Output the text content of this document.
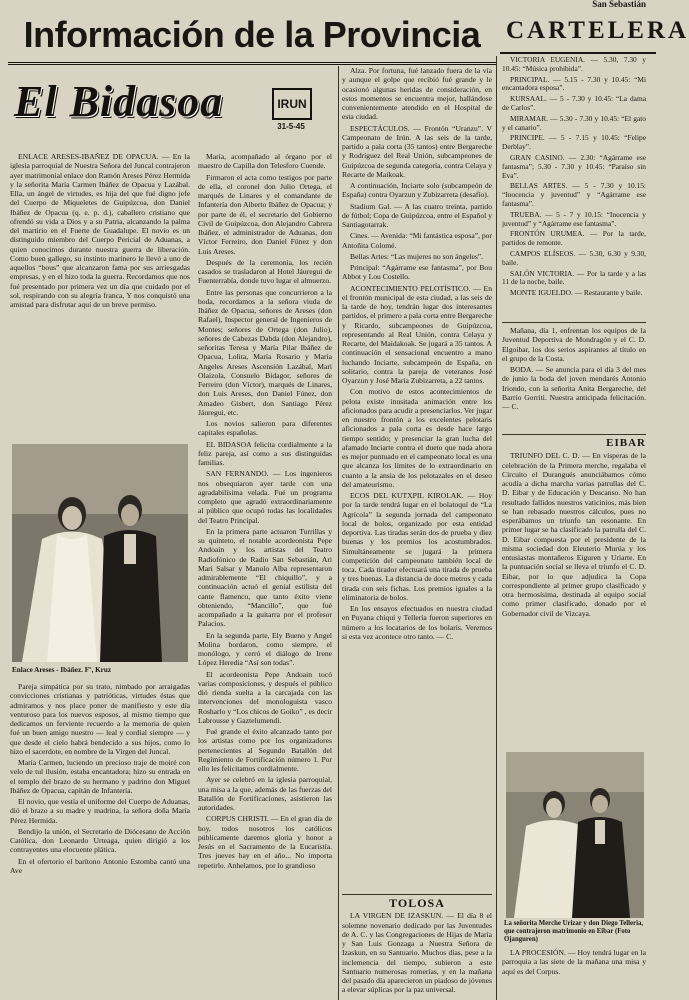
San Sebastián
Información de la Provincia	CARTELERA
El Bidasoa	IRUN
31-5-45

ENLACE ARESES-IBAÑEZ DE OPACUA. — En la iglesia parroquial de Nuestra Señora del Juncal contrajeron ayer matrimonial enlace don Ramón Areses Pérez Hermida y la señorita María Carmen Ibáñez de Opacua y Lazábal. Ella, un ángel de virtudes, es hija del que fué digno jefe del Cuerpo de Miqueletes de Guipúzcoa, don Daniel Ibáñez de Opacua (q. e. p. d.), caballero cristiano que ofrendó su vida a Dios y a su Patria, alcanzando la palma del martirio en el Fuerte de Guadalupe. El novio es un distinguido miembro del Cuerpo Pericial de Aduanas, a quien conocimos durante nuestra guerra de liberación. Como buen gallego, su instinto marinero le llevó a uno de aquellos “bous” que alcanzaron fama por sus arriesgadas empresas, y en el hizo toda la guerra. Recordamos que nos fué presentado por primera vez un día que cuidado por el sol, respirando con su alegría franca, Y nos conquistó una amistad para disfrutar aquí de un breve permiso.

Enlace Areses - Ibáñez. Fº, Kruz

Pareja simpática por su trato, nimbado por arraigadas convicciones cristianas y patrióticas, virtudes éstas que admiramos y nos place poner de manifiesto y este día venturoso para los nuevos esposos, al mismo tiempo que dedicamos un ferviente recuerdo a la memoria de quien fué un buen amigo nuestro — leal y cordial siempre — y que desde el cielo habrá bendecido a sus hijos, como lo hizo el sacerdote, en nombre de la Virgen del Juncal.

María Carmen, luciendo un precioso traje de moiré con velo de tul ilusión, estaba encantadora; hizo su entrada en el templo del brazo de su hermano y padrino don Miguel Ibáñez de Opacua, capitán de Infantería.

El novio, que vestía el uniforme del Cuerpo de Aduanas, dió el brazo a su madre y madrina, la señora doña María Pérez Hermida.

Bendijo la unión, el Secretario de Diócesano de Acción Católica, don Leonardo Urteaga, quien dirigió a los contrayentes una elocuente plática.

En el ofertorio el barítono Antonio Estomba cantó una Ave

María, acompañado al órgano por el maestro de Capilla don Telesforo Cuende.

Firmaron el acta como testigos por parte de ella, el coronel don Julio Ortega, el marqués de Linares y el comandante de Infantería don Alberto Ibáñez de Opacua; y por parte de él, el secretario del Gobierno Civil de Guipúzcoa, don Alejandro Cabrera Ibáñez, el administrador de Aduanas, don Víctor Ferreiro, don Daniel Fúnez y don Luis Areses.

Después de la ceremonia, los recién casados se trasladaron al Hotel Jáuregui de Fuenterrabía, donde tuvo lugar el almuerzo.

Entre las personas que concurrieron a la boda, recordamos a la señora viuda de Ibáñez de Opacua, señores de Areses (don Rafael), Inspector general de Ingenieros de Montes; señores de Ortega (don Julio), señores de Cabezas Dabda (don Alejandro), señoritas Teresa y María Pilar Ibáñez de Opacua, Lolita, María Rosario y María Angeles Areses Ascensión Lazábal, Mari Olaizola, Consuelo Bidagor, señores de Ferreiro (don Víctor), marqués de Linares, don Luis Areses, don Daniel Fúnez, don Amadeo Gisbert, don Santiago Pérez Jáuregui, etc.

Los novios salieron para diferentes capitales españolas.

EL BIDASOA felicita cordialmente a la feliz pareja, así como a sus distinguidas familias.

SAN FERNANDO. — Los ingenieros nos obsequiaron ayer tarde con una agradabilísima velada. Fué un programa completo que agradó extraordinariamente al público que ocupó todas las localidades del Teatro Principal.

En la primera parte actuaron Turrillas y su quinteto, el notable acordeonista Pepe Andoain y los artistas del Teatro Radiofónico de Radio San Sebastián, Ari Mari Salsar y Manolo Alba representaron admirablemente “El chiquillo”, y a continuación actuó el genial estilista del cante flamenco, que tanto éxito viene obteniendo, “Mancillo”, que fué acompañado a la guitarra por el profesor Palacios.

En la segunda parte, Ely Bueno y Angel Molina bordaron, como siempre, el monólogo, y cerró el diálogo de Irene López Heredia “Así son todas”.

El acordeonista Pepe Andoain tocó varias composiciones, y después el público dió rienda suelta a la carcajada con las intervenciones del monologuista vasco Rosharlo y “Los chicos de Goiko” , es decir Labrousse y Gaztelumendi.

Fué grande el éxito alcanzado tanto por los artistas como por los organizadores pertenecientes al Segundo Batallón del Regimiento de Fortificación número 1. Por ello les felicitamos cordialmente.

Ayer se celebró en la iglesia parroquial, una misa a la que, además de las fuerzas del Batallón de Fortificaciones, asistieron las autoridades.

CORPUS CHRISTI. — En el gran día de hoy, todos nosotros los católicos públicamente daremos gloria y honor a Jesús en el Sacramento de la Eucaristía. Tres jueves hay en el año... No importa repetirlo. Anhelamos, por lo grandioso

Alza. Por fortuna, fué lanzado fuera de la vía y aunque el golpe que recibió fué grande y le ocasionó algunas heridas de consideración, en estos momentos se encuentra mejor, hallándose convenientemente atendido en el Hospital de esta ciudad.

ESPECTÁCULOS. — Frontón “Uranzu”. V Campeonato de Irún. A las seis de la tarde, partido a pala corta (35 tantos) entre Bergareche y Rodríguez del Real Unión, subcampeones de Guipúzcoa de segunda categoría, contra Celaya y Recarte de Maikoak.

A continuación, Inciarte solo (subcampeón de España) contra Oyarzun y Zubizarreta (desafío).

Stadium Gal. — A las cuatro treinta, partido de fútbol; Copa de Guipúzcoa, entre el Español y Santiagotarrak.

Cines. — Avenida: “Mi fantástica esposa”, por Antoñita Colomé.

Bellas Artes: “Las mujeres no son ángeles”.

Principal: “Agárrame ese fantasma”, por Bou Abbot y Lou Costello.

ACONTECIMIENTO PELOTÍSTICO. — En el frontón municipal de esta ciudad, a las seis de la tarde de hoy, tendrán lugar dos interesantes partidos, el primero a pala corta entre Bergareche y Ricardo, subcampeones de Guipúzcoa, representando al Real Unión, contra Celaya y Recarte, del Maidakoak. Se jugará a 35 tantos. A continuación el sensacional encuentro a mano luchando Inciarte, subcampeón de España, en solitario, contra la pareja de veteranos José Oyarzun y José María Zubizarreta, a 22 tantos.

Con motivo de estos acontecimientos de pelota existe inusitada animación entre los aficionados para acudir a presenciarlos. Ver jugar en nuestro frontón a los excelentes pelotaris aficionados a pala corta es desde hace largo tiempo sentido; y presenciar la gran lucha del afamado Inciarte contra el dueto que nada ahora es mejor puntuado en el campeonato local es una que alcanza los límites de lo extraordinario en cuanto a la ansia de los pelotazales en el deseo del amateurismo.

ECOS DEL KUTXPIL KIROLAK. — Hoy por la tarde tendrá lugar en el bolatoquí de “La Agrícola” la segunda jornada del campeonato local de bolos, organizado por esta entidad deportiva. Las tiradas serán dos de prueba y diez buenas y los premios los acostumbrados. Simultáneamente se jugará la primera competición del campeonato también local de toca. Cada tirador efectuará una tirada de prueba y tres buenas. La distancia de doce metros y cada tirada con seis fichas. Los premios iguales a la eliminatoria de bolos.

En los ensayos efectuados en nuestra ciudad en Puyana chiquí y Tellería fueron superiores en número a los locatarios de los bolaris. Veremos si esta vez acontece otro tanto. — C.

TOLOSA

LA VIRGEN DE IZASKUN. — El día 8 el solemne novenario dedicado por las Juventudes de A. C. y las Congregaciones de Hijas de María y San Luis Gonzaga a Nuestra Señora de Izaskun, en su Santuario. Muchos días, pese a la inclemencia del tiempo, subieron a este Santuario numerosas romerías, y en la mañana del pasado día aparecieron un piadoso de jóvenes a elevar súplicas por la paz universal.

VICTORIA EUGENIA. — 5.30, 7.30 y 10.45: “Música prohibida”.

PRINCIPAL. — 5.15 - 7.30 y 10.45: “Mi encantadora esposa”.

KURSAAL. — 5 - 7.30 y 10.45: “La dama de Carlos”.

MIRAMAR. — 5.30 - 7.30 y 10.45: “El gato y el canario”.

PRINCIPE. — 5 - 7.15 y 10.45: “Felipe Derblay”.

GRAN CASINO. — 2.30: “Agárrame ese fantasma”; 5.30 - 7.30 y 10.45: “Paraíso sin Eva”.

BELLAS ARTES. — 5 - 7.30 y 10.15: “Inocencia y juventud” y “Agárrame ese fantasma”.

TRUEBA. — 5 - 7 y 10.15: “Inocencia y juventud” y “Agárrame ese fantasma”.

FRONTÓN URUMEA. — Por la tarde, partidos de remonte.

CAMPOS ELÍSEOS. — 5.30, 6.30 y 9.30, baile.

SALÓN VICTORIA. — Por la tarde y a las 11 de la noche, baile.

MONTE IGUELDO. — Restaurante y baile.

Mañana, día 1, enfrentan los equipos de la Juventud Deportiva de Mondragón y el C. D. Elgoibar, los dos serios aspirantes al título en el grupo de la Costa.

BODA. — Se anuncia para el día 3 del mes de junio la boda del joven mendarés Antonio Iriondo, con la señorita Anita Bergareche, del Barrio Gorriti. Nuestra anticipada felicitación. — C.

EIBAR

TRIUNFO DEL C. D. — En vísperas de la celebración de la Primera merche, regalaba el Circuito el Durangués anunciábamos cómo acudía a dicha marcha varias patrullas del C. D. Eibar y de Educación y Descanso. No han resultado fallidos nuestros vaticinios, más bien se han rebasado nuestros cálculos, pues no esperábamos un triunfo tan resonante. En primer lugar se ha clasificado la patrulla del C. D. Eibar compuesta por el presidente de la misma sociedad don Eleuterio Murúa y los entusiastas montañeros Eiguren y Uriarte. En la puntuación social se lleva el triunfo el C. D. Eibar, por lo que adjudica la Copa correspondiente al primer grupo clasificado y otra hermosísima, destinada al equipo social como primer clasificado, donado por el Gobernador civil de Vizcaya.

La señorita Merche Urizar y don Diego Telleria, que contrajeron matrimonio en Eibar (Foto Ojanguren)

LA PROCESIÓN. — Hoy tendrá lugar en la parroquia a las siete de la mañana una misa y aquí es del Corpus.
